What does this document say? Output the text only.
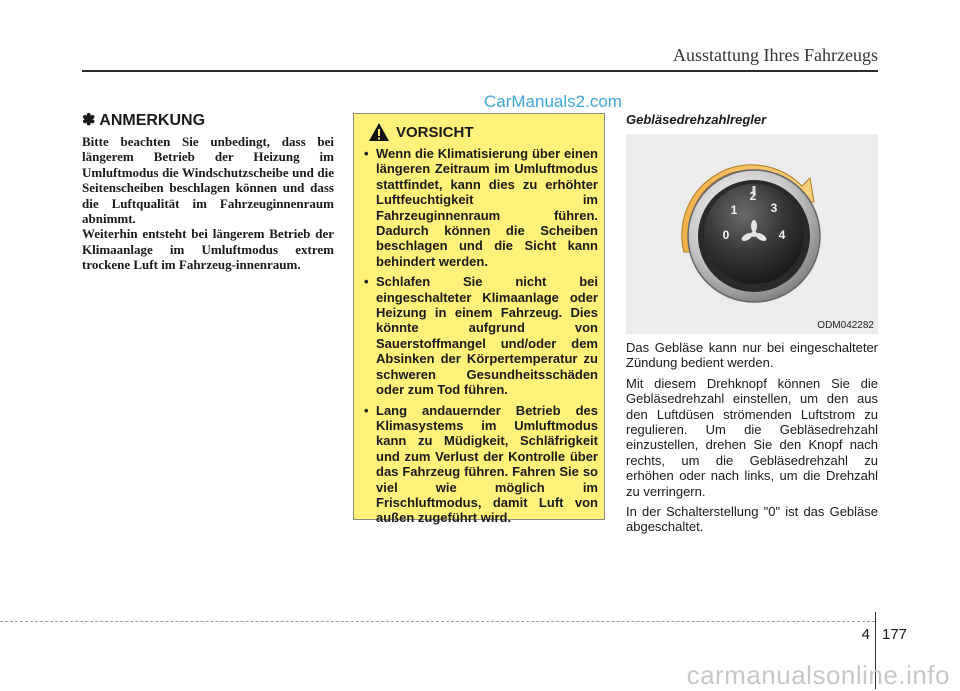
Ausstattung Ihres Fahrzeugs
CarManuals2.com
✽ ANMERKUNG

Bitte beachten Sie unbedingt, dass bei längerem Betrieb der Heizung im Umluftmodus die Windschutzscheibe und die Seitenscheiben beschlagen können und dass die Luftqualität im Fahrzeuginnenraum abnimmt.

Weiterhin entsteht bei längerem Betrieb der Klimaanlage im Umluftmodus extrem trockene Luft im Fahrzeug-innenraum.

VORSICHT
• Wenn die Klimatisierung über einen längeren Zeitraum im Umluftmodus stattfindet, kann dies zu erhöhter Luftfeuchtigkeit im Fahrzeuginnenraum führen. Dadurch können die Scheiben beschlagen und die Sicht kann behindert werden.
• Schlafen Sie nicht bei eingeschalteter Klimaanlage oder Heizung in einem Fahrzeug. Dies könnte aufgrund von Sauerstoffmangel und/oder dem Absinken der Körpertemperatur zu schweren Gesundheitsschäden oder zum Tod führen.
• Lang andauernder Betrieb des Klimasystems im Umluftmodus kann zu Müdigkeit, Schläfrigkeit und zum Verlust der Kontrolle über das Fahrzeug führen. Fahren Sie so viel wie möglich im Frischluftmodus, damit Luft von außen zugeführt wird.
Gebläsedrehzahlregler
0
1
2
3
4
ODM042282

Das Gebläse kann nur bei eingeschalteter Zündung bedient werden.

Mit diesem Drehknopf können Sie die Gebläsedrehzahl einstellen, um den aus den Luftdüsen strömenden Luftstrom zu regulieren. Um die Gebläsedrehzahl einzustellen, drehen Sie den Knopf nach rechts, um die Gebläsedrehzahl zu erhöhen oder nach links, um die Drehzahl zu verringern.

In der Schalterstellung "0" ist das Gebläse abgeschaltet.

4 177
carmanualsonline.info
